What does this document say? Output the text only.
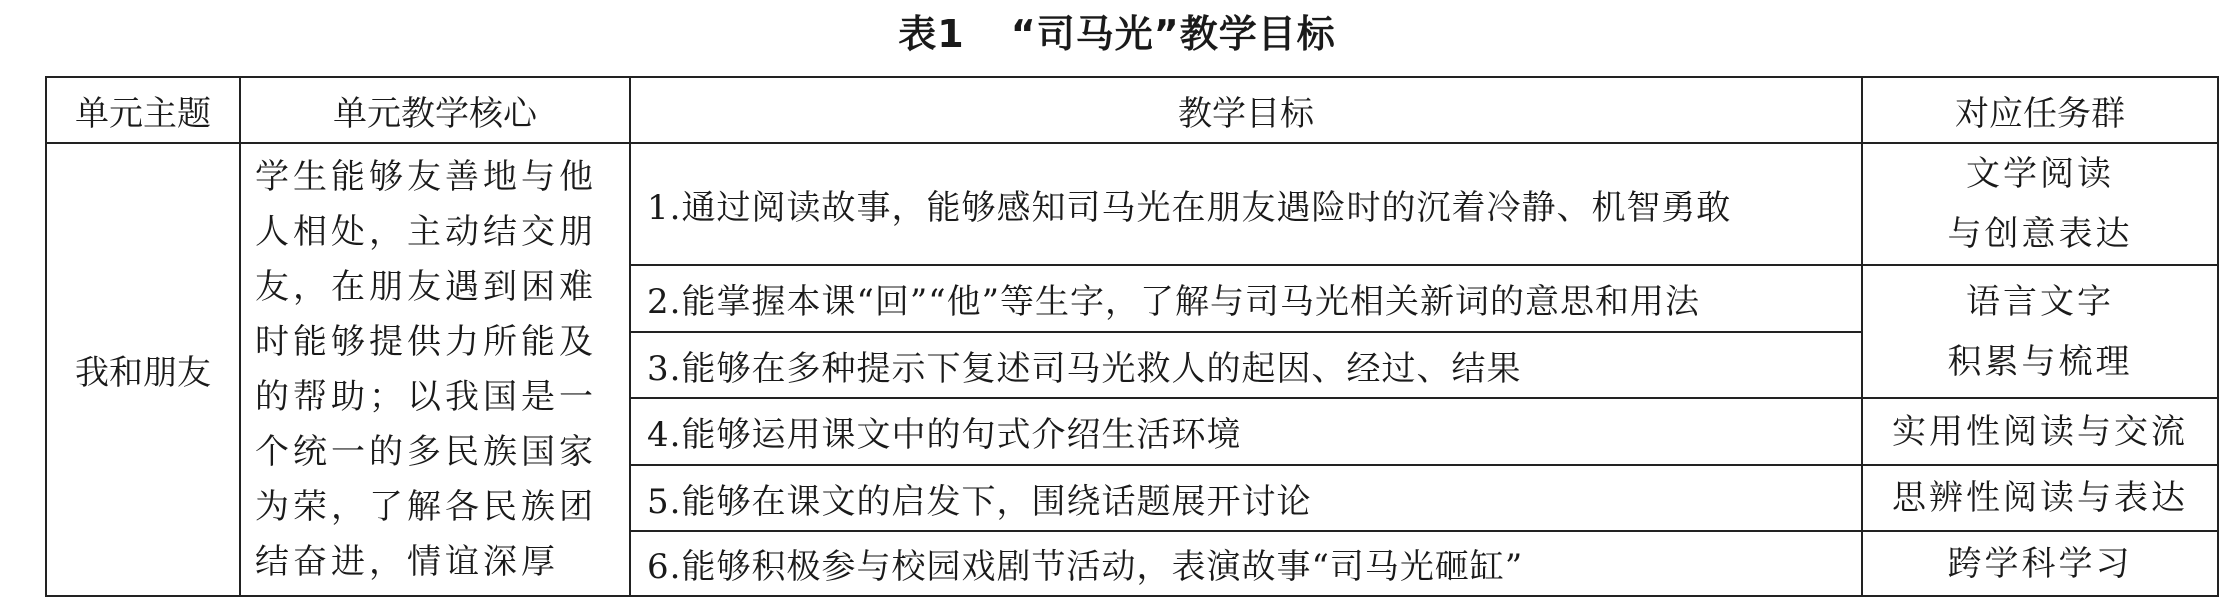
表1 “司马光”教学目标
单元主题	单元教学核心	教学目标	对应任务群
我和朋友	学生能够友善地与他人相处，主动结交朋友，在朋友遇到困难时能够提供力所能及的帮助；以我国是一个统一的多民族国家为荣，了解各民族团结奋进，情谊深厚	1.通过阅读故事，能够感知司马光在朋友遇险时的沉着冷静、机智勇敢	文学阅读
与创意表达

		2.能掌握本课“回”“他”等生字，了解与司马光相关新词的意思和用法	语言文字
积累与梳理

		3.能够在多种提示下复述司马光救人的起因、经过、结果	
		4.能够运用课文中的句式介绍生活环境	实用性阅读与交流

		5.能够在课文的启发下，围绕话题展开讨论	思辨性阅读与表达

		6.能够积极参与校园戏剧节活动，表演故事“司马光砸缸”	跨学科学习
